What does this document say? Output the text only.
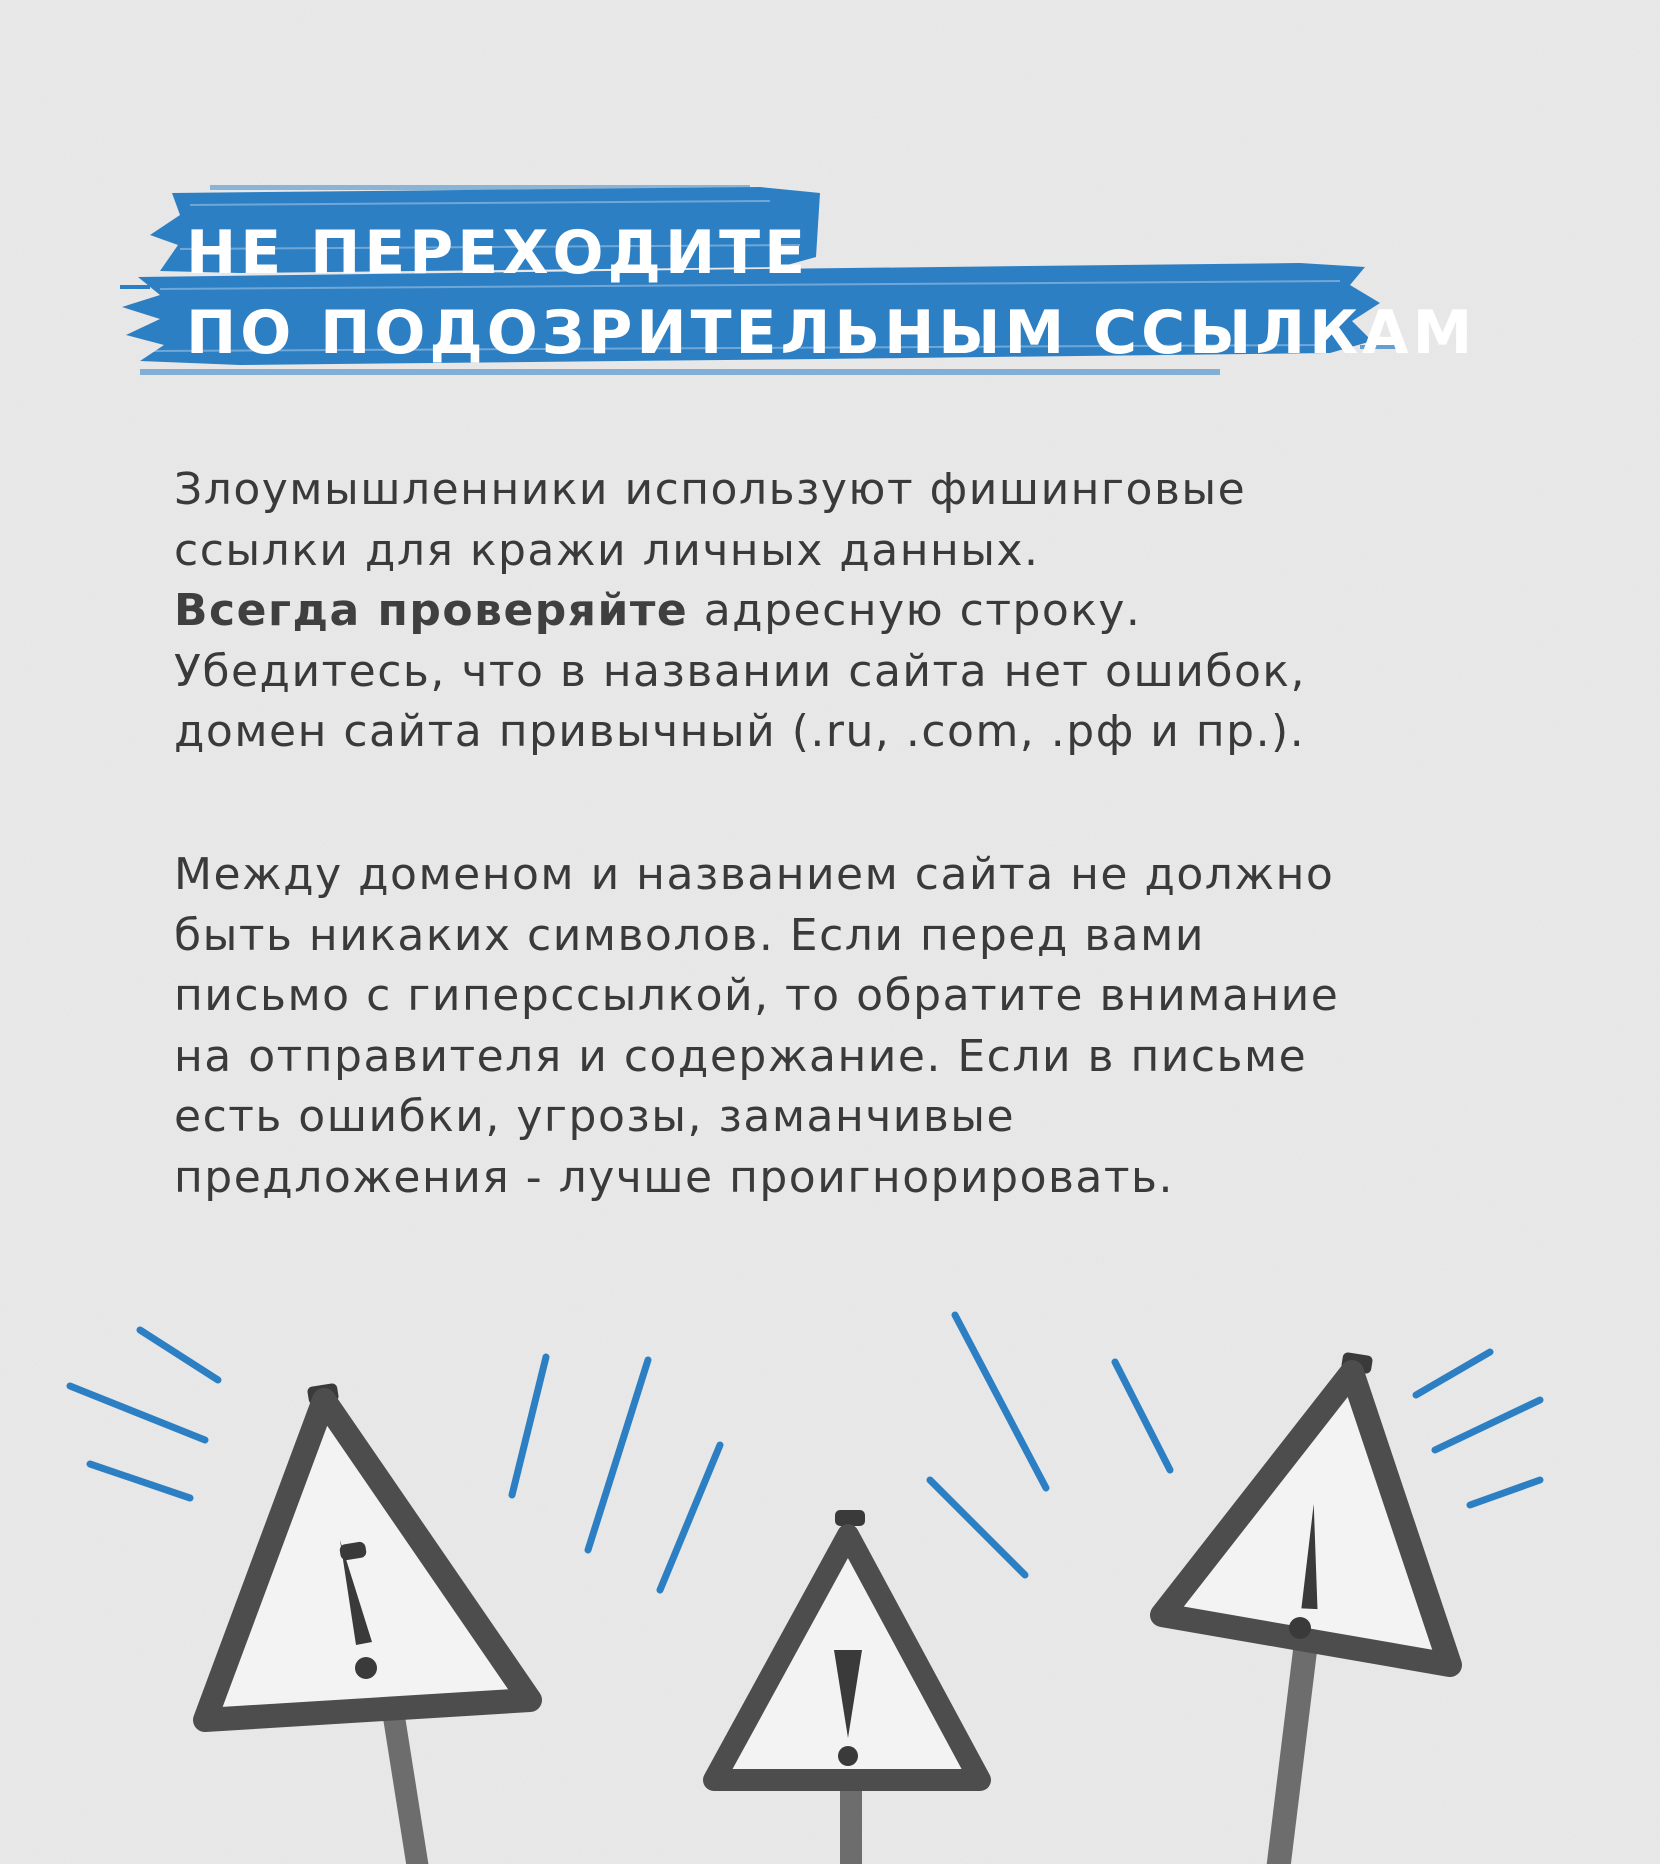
НЕ ПЕРЕХОДИТЕ
ПО ПОДОЗРИТЕЛЬНЫМ ССЫЛКАМ
Злоумышленники используют фишинговые
ссылки для кражи личных данных.
Всегда проверяйте адресную строку.
Убедитесь, что в названии сайта нет ошибок,
домен сайта привычный (.ru, .com, .рф и пр.).
Между доменом и названием сайта не должно
быть никаких символов. Если перед вами
письмо с гиперссылкой, то обратите внимание
на отправителя и содержание. Если в письме
есть ошибки, угрозы, заманчивые
предложения - лучше проигнорировать.
